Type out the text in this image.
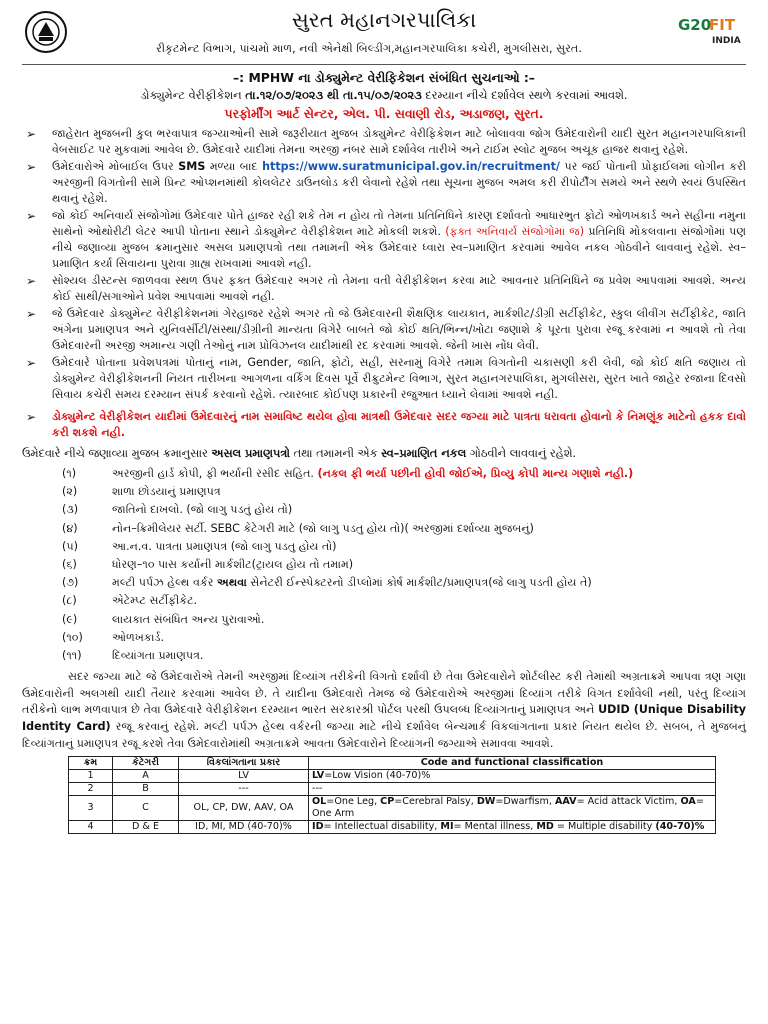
સુરત મહાનગરપાલિકા
રીકૃટમેન્ટ વિભાગ, પાંચમો માળ, નવી એનેક્ષી બિલ્ડીંગ,મહાનગરપાલિકા કચેરી, મુગલીસરા, સુરત.
G20
FIT
INDIA
–: MPHW ના ડોક્યુમેન્ટ વેરીફિકેશન સંબંધિત સુચનાઓ :–
ડોક્યુમેન્ટ વેરીફીકેશન તા.૧૨/૦૭/૨૦૨૩ થી તા.૧૫/૦૭/૨૦૨૩ દરમ્યાન નીચે દર્શાવેલ સ્થળે કરવામાં આવશે.
પરફોર્મીંગ આર્ટ સેન્ટર, એલ. પી. સવાણી રોડ, અડાજણ, સુરત.
➢ જાહેરાત મુજબની કુલ ભરવાપાત્ર જગ્યાઓની સામે જરૂરીયાત મુજબ ડોક્યુમેન્ટ વેરીફિકેશન માટે બોલાવવા જોગ ઉમેદવારોની યાદી સુરત મહાનગરપાલિકાની વેબસાઈટ પર મુકવામાં આવેલ છે. ઉમેદવારે યાદીમાં તેમના અરજી નંબર સામે દર્શાવેલ તારીખે અને ટાઈમ સ્લોટ મુજબ અચૂક હાજર થવાનું રહેશે.
➢ ઉમેદવારોએ મોબાઈલ ઉપર SMS મળ્યા બાદ https://www.suratmunicipal.gov.in/recruitment/ પર જઈ પોતાની પ્રોફાઈલમાં લોગીન કરી અરજીની વિગતોની સામે પ્રિન્ટ ઓપ્શનમાંથી કોલલેટર ડાઉનલોડ કરી લેવાનો રહેશે તથા સૂચના મુજબ અમલ કરી રીપોર્ટીંગ સમયે અને સ્થળે સ્વયં ઉપસ્થિત થવાનું રહેશે.
➢ જો કોઈ અનિવાર્ય સંજોગોમાં ઉમેદવાર પોતે હાજર રહી શકે તેમ ન હોય તો તેમના પ્રતિનિધિને કારણ દર્શાવતો આધારભુત ફોટો ઓળખકાર્ડ અને સહીના નમુના સાથેનો ઓથોરીટી લેટર આપી પોતાના સ્થાને ડોક્યુમેન્ટ વેરીફીકેશન માટે મોકલી શકશે. (ફક્ત અનિવાર્ય સંજોગોમાં જ) પ્રતિનિધિ મોકલવાના સંજોગોમાં પણ નીચે જણાવ્યા મુજબ ક્રમાનુસાર અસલ પ્રમાણપત્રો તથા તમામની એક ઉમેદવાર ધ્વારા સ્વ–પ્રમાણિત કરવામાં આવેલ નકલ ગોઠવીને લાવવાનું રહેશે. સ્વ–પ્રમાણિત કર્યા સિવાયના પુરાવા ગ્રાહ્ય રાખવામાં આવશે નહી.
➢ સોશ્યલ ડીસ્ટન્સ જાળવવા સ્થળ ઉપર ફક્ત ઉમેદવાર અગર તો તેમના વતી વેરીફીકેશન કરવા માટે આવનાર પ્રતિનિધિને જ પ્રવેશ આપવામાં આવશે. અન્ય કોઈ સાથી/સગાઓને પ્રવેશ આપવામાં આવશે નહી.
➢ જે ઉમેદવાર ડોક્યુમેન્ટ વેરીફીકેશનમાં ગેરહાજર રહેશે અગર તો જે ઉમેદવારની શૈક્ષણિક લાયકાત, માર્કશીટ/ડીગ્રી સર્ટીફીકેટ, સ્કુલ લીવીંગ સર્ટીફીકેટ, જાતિ અંગેના પ્રમાણપત્ર અને યુનિવર્સીટી/સંસ્થા/ડીગ્રીની માન્યતા વિગેરે બાબતે જો કોઈ ક્ષતિ/ભિન્ન/ખોટા જણાશે કે પૂરતા પુરાવા રજૂ કરવામાં ન આવશે તો તેવા ઉમેદવારની અરજી અમાન્ય ગણી તેઓનું નામ પ્રોવિઝનલ યાદીમાંથી રદ કરવામાં આવશે. જેની ખાસ નોંધ લેવી.
➢ ઉમેદવારે પોતાના પ્રવેશપત્રમાં પોતાનું નામ, Gender, જાતિ, ફોટો, સહી, સરનામું વિગેરે તમામ વિગતોની ચકાસણી કરી લેવી, જો કોઈ ક્ષતિ જણાય તો ડોક્યુમેન્ટ વેરીફીકેશનની નિયત તારીખના આગળના વર્કિંગ દિવસ પૂર્વે રીક્રુટમેન્ટ વિભાગ, સુરત મહાનગરપાલિકા, મુગલીસરા, સુરત ખાતે જાહેર રજાના દિવસો સિવાય કચેરી સમય દરમ્યાન સંપર્ક કરવાનો રહેશે. ત્યારબાદ કોઈપણ પ્રકારની રજુઆત ધ્યાને લેવામાં આવશે નહી.
➢ ડોક્યુમેન્ટ વેરીફીકેશન યાદીમાં ઉમેદવારનું નામ સમાવિષ્ટ થયેલ હોવા માત્રથી ઉમેદવાર સદર જગ્યા માટે પાત્રતા ધરાવતા હોવાનો કે નિમણૂંક માટેનો હકક દાવો કરી શકશે નહી.
ઉમેદવારે નીચે જણાવ્યા મુજબ ક્રમાનુસાર અસલ પ્રમાણપત્રો તથા તમામની એક સ્વ–પ્રમાણિત નકલ ગોઠવીને લાવવાનું રહેશે.
(૧)	અરજીની હાર્ડ કોપી, ફી ભર્યાની રસીદ સહિત. (નકલ ફી ભર્યા પછીની હોવી જોઈએ, પ્રિવ્યુ કોપી માન્ય ગણાશે નહી.)
(૨)	શાળા છોડયાનું પ્રમાણપત્ર
(૩)	જાતિનો દાખલો. (જો લાગુ પડતું હોય તો)
(૪)	નોન–ક્રિમીલેયર સર્ટી. SEBC કેટેગરી માટે (જો લાગુ પડતુ હોય તો)( અરજીમાં દર્શાવ્યા મુજબનું)
(૫)	આ.ન.વ. પાત્રતા પ્રમાણપત્ર (જો લાગુ પડતુ હોય તો)
(૬)	ધોરણ–૧૦ પાસ કર્યાની માર્કશીટ(ટ્રાયલ હોય તો તમામ)
(૭)	મલ્ટી પર્પઝ હેલ્થ વર્કર અથવા સેનેટરી ઈન્સ્પેક્ટરનો ડીપ્લોમાં કોર્ષ માર્કશીટ/પ્રમાણપત્ર(જે લાગુ પડતી હોય તે)
(૮)	એટેમ્પ્ટ સર્ટીફીકેટ.
(૯)	લાયકાત સંબંધિત અન્ય પુરાવાઓ.
(૧૦)	ઓળખકાર્ડ.
(૧૧)	દિવ્યાંગતા પ્રમાણપત્ર.
સદર જગ્યા માટે જે ઉમેદવારોએ તેમની અરજીમાં દિવ્યાંગ તરીકેની વિગતો દર્શાવી છે તેવા ઉમેદવારોને શોર્ટલીસ્ટ કરી તેમાંથી અગ્રતાક્રમે આપવા ત્રણ ગણા ઉમેદવારોની અલગથી યાદી તૈયાર કરવામાં આવેલ છે. તે યાદીના ઉમેદવારો તેમજ જે ઉમેદવારોએ અરજીમાં દિવ્યાંગ તરીકે વિગત દર્શાવેલી નથી, પરંતુ દિવ્યાંગ તરીકેનો લાભ મળવાપાત્ર છે તેવા ઉમેદવારે વેરીફીકેશન દરમ્યાન ભારત સરકારશ્રી પોર્ટલ પરથી ઉપલબ્ધ દિવ્યાંગતાનું પ્રમાણપત્ર અને UDID (Unique Disability Identity Card) રજૂ કરવાનું રહેશે. મલ્ટી પર્પઝ હેલ્થ વર્કરની જગ્યા માટે નીચે દર્શાવેલ બેન્ચમાર્ક વિકલાંગતાના પ્રકાર નિયત થયેલ છે. સબબ, તે મુજબનું દિવ્યાંગતાનું પ્રમાણપત્ર રજૂ કરશે તેવા ઉમેદવારોમાંથી અગ્રતાક્રમે આવતા ઉમેદવારોને દિવ્યાંગની જગ્યાએ સમાવવા આવશે.
ક્રમ	કેટેગરી	વિકલાંગતાના પ્રકાર	Code and functional classification
1	A	LV	LV=Low Vision (40-70)%
2	B	---	---
3	C	OL, CP, DW, AAV, OA	OL=One Leg, CP=Cerebral Palsy, DW=Dwarfism, AAV= Acid attack Victim, OA= One Arm
4	D & E	ID, MI, MD (40-70)%	ID= Intellectual disability, MI= Mental illness, MD = Multiple disability (40-70)%
